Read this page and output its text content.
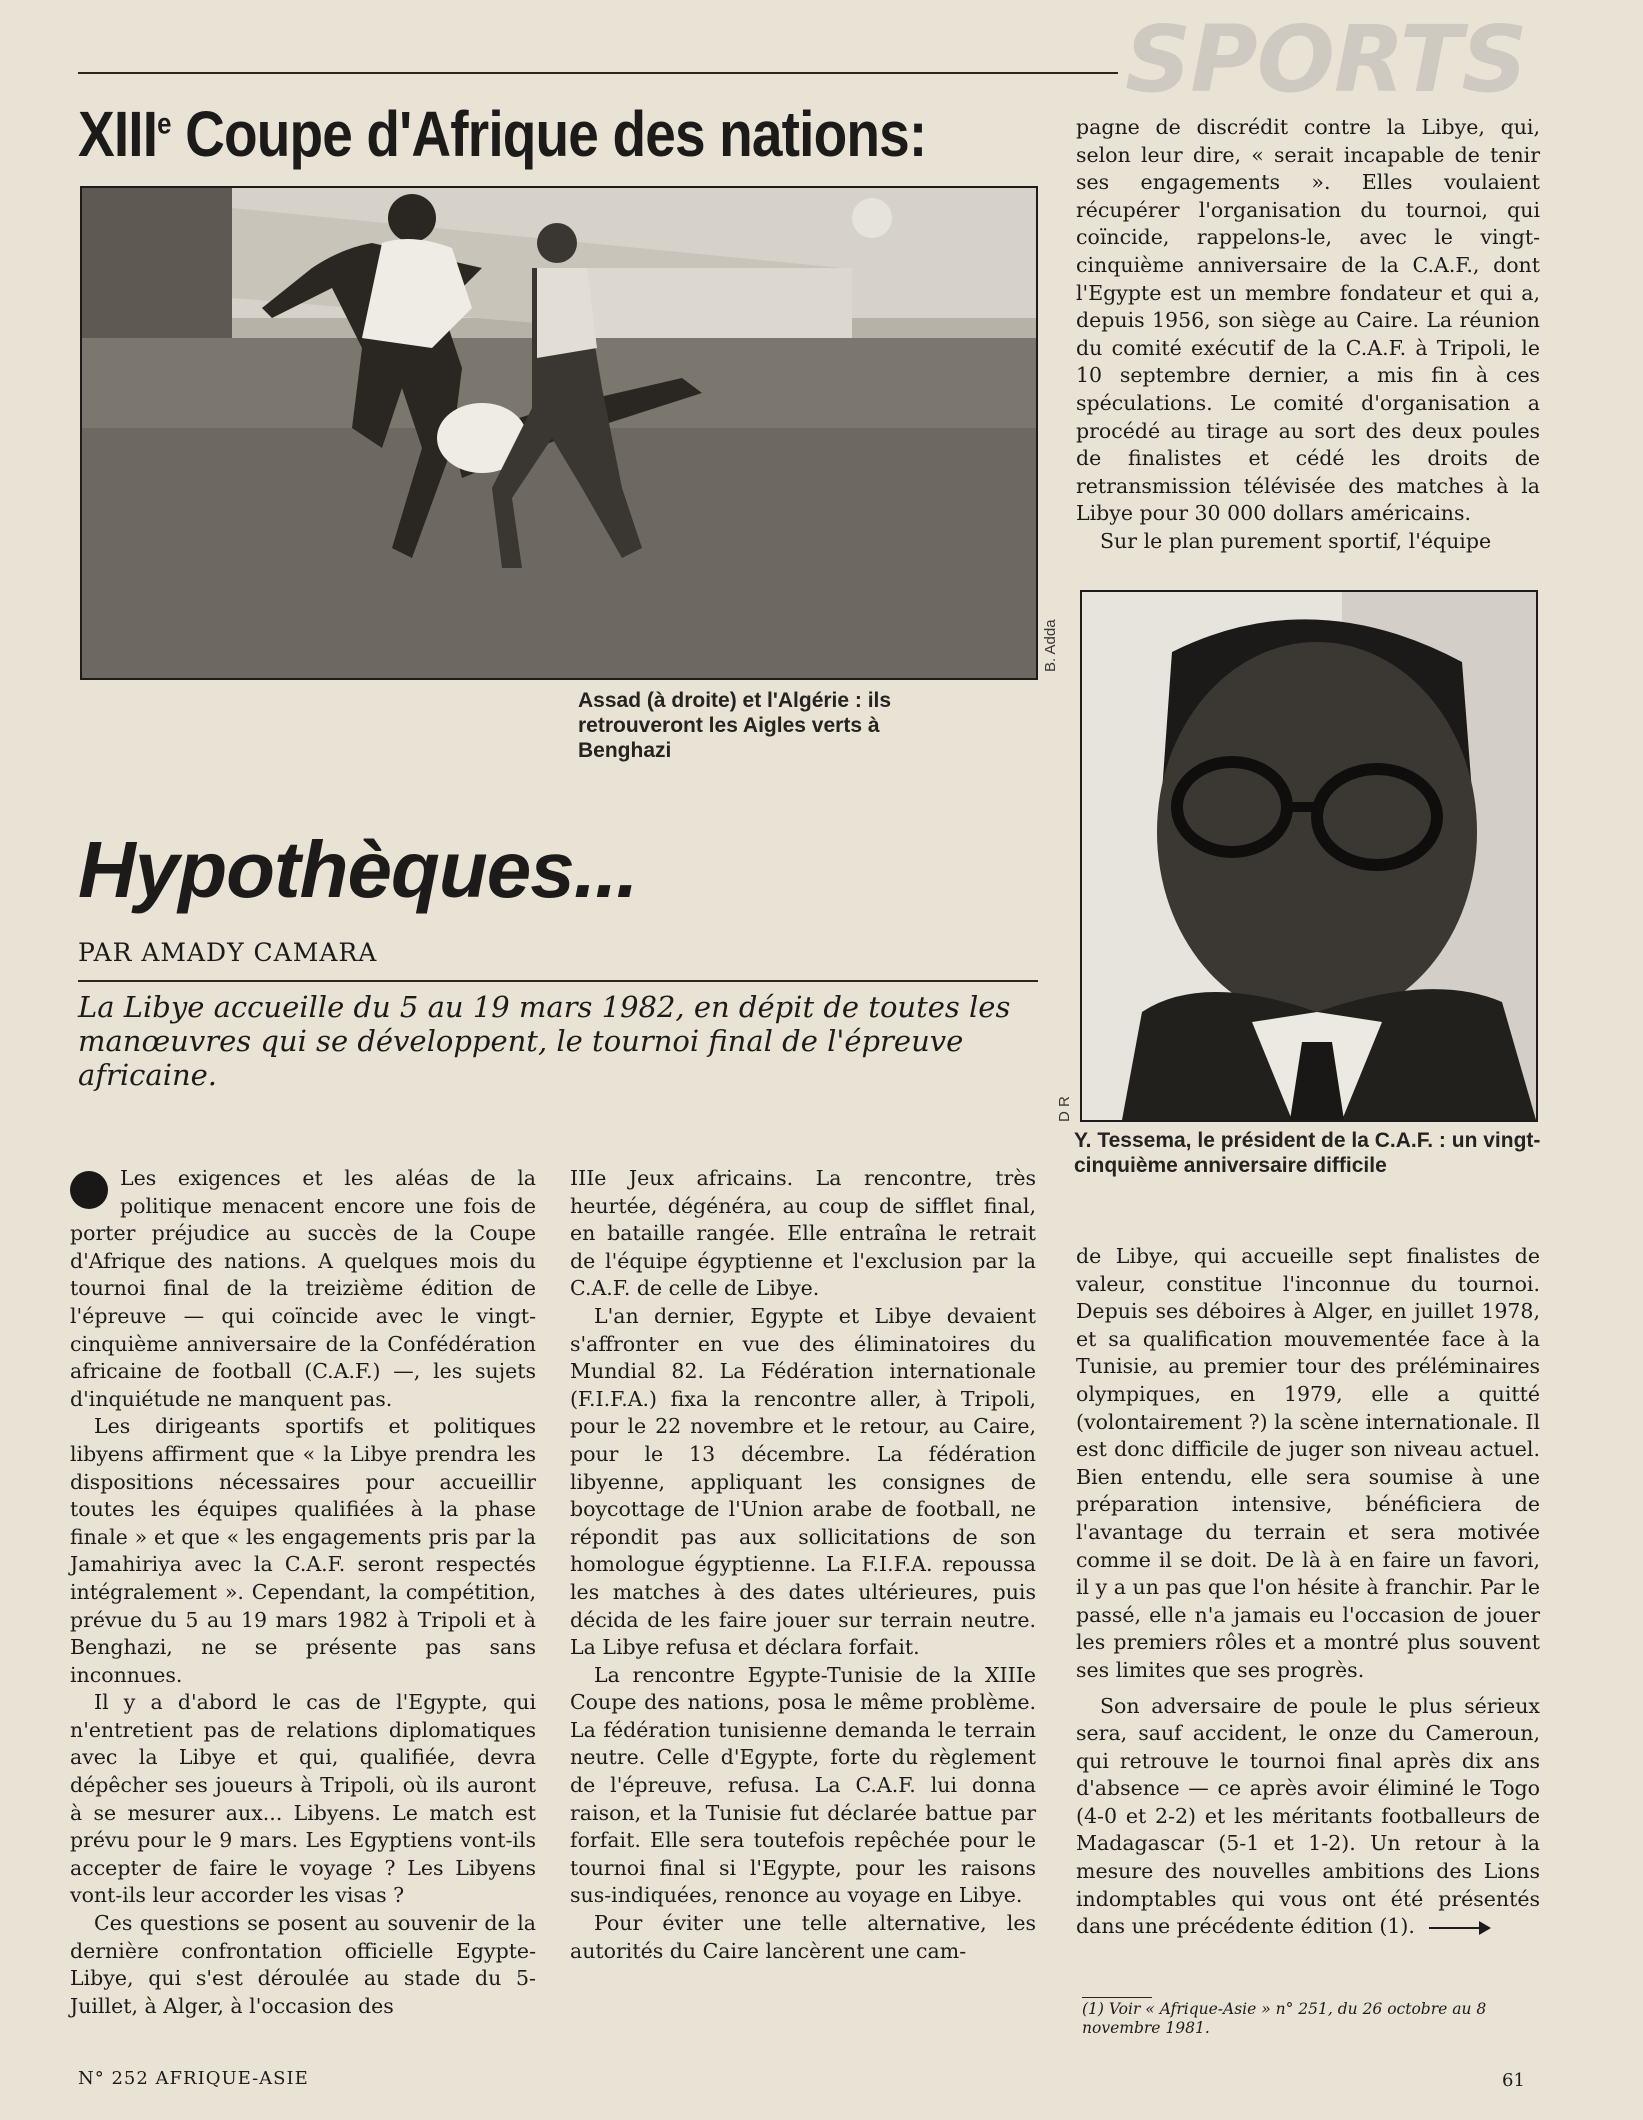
SPORTS
XIIIe Coupe d'Afrique des nations:
B. Adda
Assad (à droite) et l'Algérie : ils retrouveront les Aigles verts à Benghazi
D R
Y. Tessema, le président de la C.A.F. : un vingt-cinquième anniversaire difficile
Hypothèques...
PAR AMADY CAMARA
La Libye accueille du 5 au 19 mars 1982, en dépit de toutes les manœuvres qui se développent, le tournoi final de l'épreuve africaine.

Les exigences et les aléas de la politique menacent encore une fois de porter préjudice au succès de la Coupe d'Afrique des nations. A quelques mois du tournoi final de la treizième édition de l'épreuve — qui coïncide avec le vingt-cinquième anniversaire de la Confédération africaine de football (C.A.F.) —, les sujets d'inquiétude ne manquent pas.

Les dirigeants sportifs et politiques libyens affirment que « la Libye prendra les dispositions nécessaires pour accueillir toutes les équipes qualifiées à la phase finale » et que « les engagements pris par la Jamahiriya avec la C.A.F. seront respectés intégralement ». Cependant, la compétition, prévue du 5 au 19 mars 1982 à Tripoli et à Benghazi, ne se présente pas sans inconnues.

Il y a d'abord le cas de l'Egypte, qui n'entretient pas de relations diplomatiques avec la Libye et qui, qualifiée, devra dépêcher ses joueurs à Tripoli, où ils auront à se mesurer aux... Libyens. Le match est prévu pour le 9 mars. Les Egyptiens vont-ils accepter de faire le voyage ? Les Libyens vont-ils leur accorder les visas ?

Ces questions se posent au souvenir de la dernière confrontation officielle Egypte-Libye, qui s'est déroulée au stade du 5-Juillet, à Alger, à l'occasion des

IIIe Jeux africains. La rencontre, très heurtée, dégénéra, au coup de sifflet final, en bataille rangée. Elle entraîna le retrait de l'équipe égyptienne et l'exclusion par la C.A.F. de celle de Libye.

L'an dernier, Egypte et Libye devaient s'affronter en vue des éliminatoires du Mundial 82. La Fédération internationale (F.I.F.A.) fixa la rencontre aller, à Tripoli, pour le 22 novembre et le retour, au Caire, pour le 13 décembre. La fédération libyenne, appliquant les consignes de boycottage de l'Union arabe de football, ne répondit pas aux sollicitations de son homologue égyptienne. La F.I.F.A. repoussa les matches à des dates ultérieures, puis décida de les faire jouer sur terrain neutre. La Libye refusa et déclara forfait.

La rencontre Egypte-Tunisie de la XIIIe Coupe des nations, posa le même problème. La fédération tunisienne demanda le terrain neutre. Celle d'Egypte, forte du règlement de l'épreuve, refusa. La C.A.F. lui donna raison, et la Tunisie fut déclarée battue par forfait. Elle sera toutefois repêchée pour le tournoi final si l'Egypte, pour les raisons sus-indiquées, renonce au voyage en Libye.

Pour éviter une telle alternative, les autorités du Caire lancèrent une cam-

pagne de discrédit contre la Libye, qui, selon leur dire, « serait incapable de tenir ses engagements ». Elles voulaient récupérer l'organisation du tournoi, qui coïncide, rappelons-le, avec le vingt-cinquième anniversaire de la C.A.F., dont l'Egypte est un membre fondateur et qui a, depuis 1956, son siège au Caire. La réunion du comité exécutif de la C.A.F. à Tripoli, le 10 septembre dernier, a mis fin à ces spéculations. Le comité d'organisation a procédé au tirage au sort des deux poules de finalistes et cédé les droits de retransmission télévisée des matches à la Libye pour 30 000 dollars américains.

Sur le plan purement sportif, l'équipe

de Libye, qui accueille sept finalistes de valeur, constitue l'inconnue du tournoi. Depuis ses déboires à Alger, en juillet 1978, et sa qualification mouvementée face à la Tunisie, au premier tour des préléminaires olympiques, en 1979, elle a quitté (volontairement ?) la scène internationale. Il est donc difficile de juger son niveau actuel. Bien entendu, elle sera soumise à une préparation intensive, bénéficiera de l'avantage du terrain et sera motivée comme il se doit. De là à en faire un favori, il y a un pas que l'on hésite à franchir. Par le passé, elle n'a jamais eu l'occasion de jouer les premiers rôles et a montré plus souvent ses limites que ses progrès.

Son adversaire de poule le plus sérieux sera, sauf accident, le onze du Cameroun, qui retrouve le tournoi final après dix ans d'absence — ce après avoir éliminé le Togo (4-0 et 2-2) et les méritants footballeurs de Madagascar (5-1 et 1-2). Un retour à la mesure des nouvelles ambitions des Lions indomptables qui vous ont été présentés dans une précédente édition (1).

(1) Voir « Afrique-Asie » n° 251, du 26 octobre au 8 novembre 1981.
N° 252 AFRIQUE-ASIE	61
